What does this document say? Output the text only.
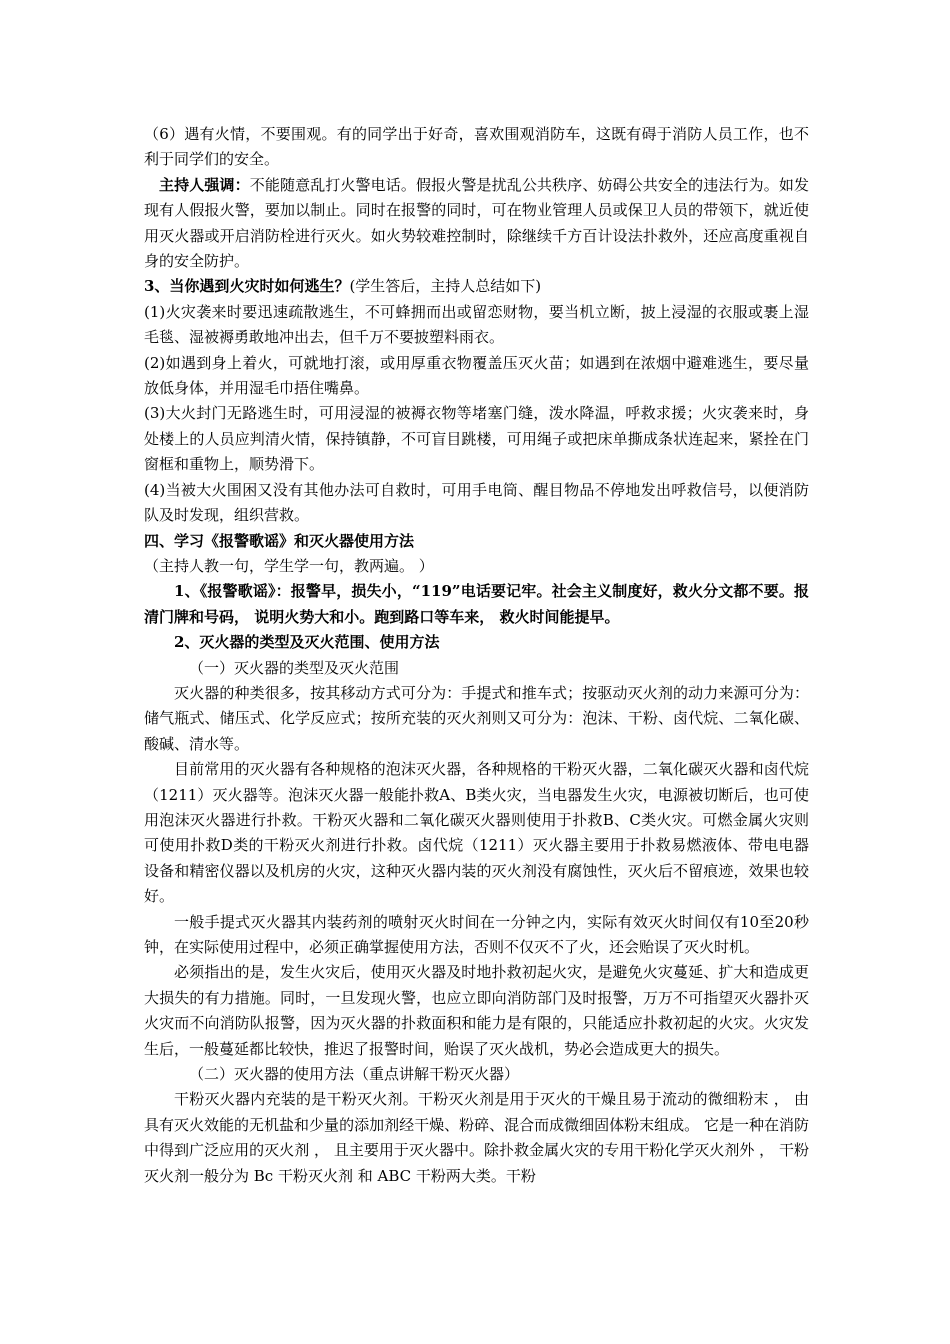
（6）遇有火情，不要围观。有的同学出于好奇，喜欢围观消防车，这既有碍于消防人员工作，也不利于同学们的安全。

主持人强调：不能随意乱打火警电话。假报火警是扰乱公共秩序、妨碍公共安全的违法行为。如发现有人假报火警，要加以制止。同时在报警的同时，可在物业管理人员或保卫人员的带领下，就近使用灭火器或开启消防栓进行灭火。如火势较难控制时，除继续千方百计设法扑救外，还应高度重视自身的安全防护。

3、当你遇到火灾时如何逃生？(学生答后，主持人总结如下)

(1)火灾袭来时要迅速疏散逃生，不可蜂拥而出或留恋财物，要当机立断，披上浸湿的衣服或裹上湿毛毯、湿被褥勇敢地冲出去，但千万不要披塑料雨衣。

(2)如遇到身上着火，可就地打滚，或用厚重衣物覆盖压灭火苗；如遇到在浓烟中避难逃生，要尽量放低身体，并用湿毛巾捂住嘴鼻。

(3)大火封门无路逃生时，可用浸湿的被褥衣物等堵塞门缝，泼水降温，呼救求援；火灾袭来时，身处楼上的人员应判清火情，保持镇静，不可盲目跳楼，可用绳子或把床单撕成条状连起来，紧拴在门窗框和重物上，顺势滑下。

(4)当被大火围困又没有其他办法可自救时，可用手电筒、醒目物品不停地发出呼救信号，以便消防队及时发现，组织营救。

四、学习《报警歌谣》和灭火器使用方法

（主持人教一句，学生学一句，教两遍。 ）

1、《报警歌谣》：报警早，损失小，“119”电话要记牢。社会主义制度好，救火分文都不要。报清门牌和号码， 说明火势大和小。跑到路口等车来， 救火时间能提早。

2、灭火器的类型及灭火范围、使用方法

（一）灭火器的类型及灭火范围

灭火器的种类很多，按其移动方式可分为：手提式和推车式；按驱动灭火剂的动力来源可分为：储气瓶式、储压式、化学反应式；按所充装的灭火剂则又可分为：泡沫、干粉、卤代烷、二氧化碳、酸碱、清水等。

目前常用的灭火器有各种规格的泡沫灭火器，各种规格的干粉灭火器，二氧化碳灭火器和卤代烷（1211）灭火器等。泡沫灭火器一般能扑救A、B类火灾，当电器发生火灾，电源被切断后，也可使用泡沫灭火器进行扑救。干粉灭火器和二氧化碳灭火器则使用于扑救B、C类火灾。可燃金属火灾则可使用扑救D类的干粉灭火剂进行扑救。卤代烷（1211）灭火器主要用于扑救易燃液体、带电电器设备和精密仪器以及机房的火灾，这种灭火器内装的灭火剂没有腐蚀性，灭火后不留痕迹，效果也较好。

一般手提式灭火器其内装药剂的喷射灭火时间在一分钟之内，实际有效灭火时间仅有10至20秒钟，在实际使用过程中，必须正确掌握使用方法，否则不仅灭不了火，还会贻误了灭火时机。

必须指出的是，发生火灾后，使用灭火器及时地扑救初起火灾，是避免火灾蔓延、扩大和造成更大损失的有力措施。同时，一旦发现火警，也应立即向消防部门及时报警，万万不可指望灭火器扑灭火灾而不向消防队报警，因为灭火器的扑救面积和能力是有限的，只能适应扑救初起的火灾。火灾发生后，一般蔓延都比较快，推迟了报警时间，贻误了灭火战机，势必会造成更大的损失。

（二）灭火器的使用方法（重点讲解干粉灭火器）

干粉灭火器内充装的是干粉灭火剂。干粉灭火剂是用于灭火的干燥且易于流动的微细粉末 ， 由具有灭火效能的无机盐和少量的添加剂经干燥、粉碎、混合而成微细固体粉末组成。 它是一种在消防中得到广泛应用的灭火剂 ， 且主要用于灭火器中。除扑救金属火灾的专用干粉化学灭火剂外 ， 干粉灭火剂一般分为 Bc 干粉灭火剂 和 ABC 干粉两大类。干粉
